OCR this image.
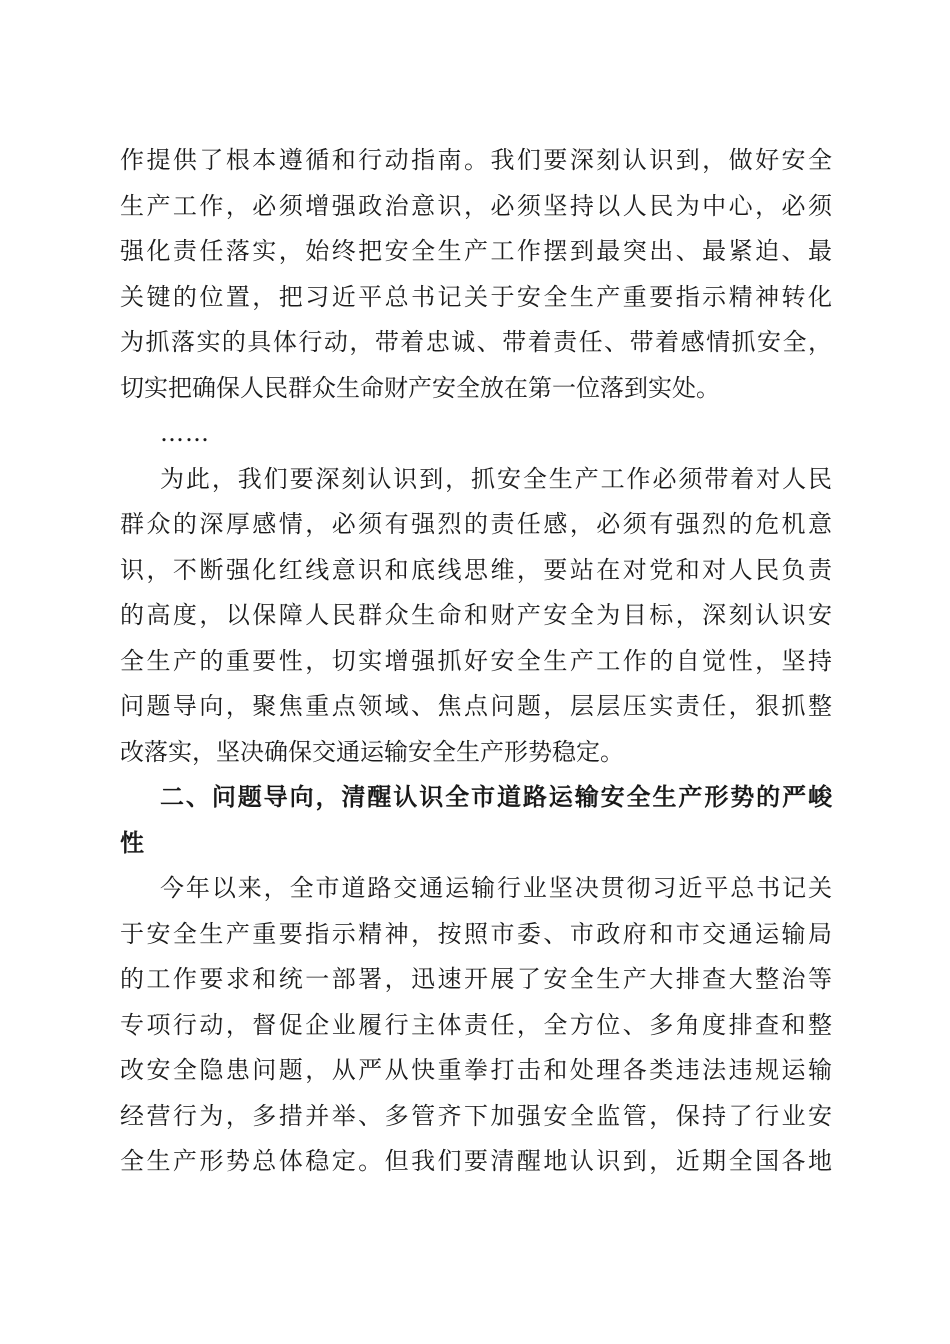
作提供了根本遵循和行动指南。我们要深刻认识到，做好安全
生产工作，必须增强政治意识，必须坚持以人民为中心，必须
强化责任落实，始终把安全生产工作摆到最突出、最紧迫、最
关键的位置，把习近平总书记关于安全生产重要指示精神转化
为抓落实的具体行动，带着忠诚、带着责任、带着感情抓安全，
切实把确保人民群众生命财产安全放在第一位落到实处。
……
为此，我们要深刻认识到，抓安全生产工作必须带着对人民
群众的深厚感情，必须有强烈的责任感，必须有强烈的危机意
识，不断强化红线意识和底线思维，要站在对党和对人民负责
的高度，以保障人民群众生命和财产安全为目标，深刻认识安
全生产的重要性，切实增强抓好安全生产工作的自觉性，坚持
问题导向，聚焦重点领域、焦点问题，层层压实责任，狠抓整
改落实，坚决确保交通运输安全生产形势稳定。
二、问题导向，清醒认识全市道路运输安全生产形势的严峻
性
今年以来，全市道路交通运输行业坚决贯彻习近平总书记关
于安全生产重要指示精神，按照市委、市政府和市交通运输局
的工作要求和统一部署，迅速开展了安全生产大排查大整治等
专项行动，督促企业履行主体责任，全方位、多角度排查和整
改安全隐患问题，从严从快重拳打击和处理各类违法违规运输
经营行为，多措并举、多管齐下加强安全监管，保持了行业安
全生产形势总体稳定。但我们要清醒地认识到，近期全国各地
